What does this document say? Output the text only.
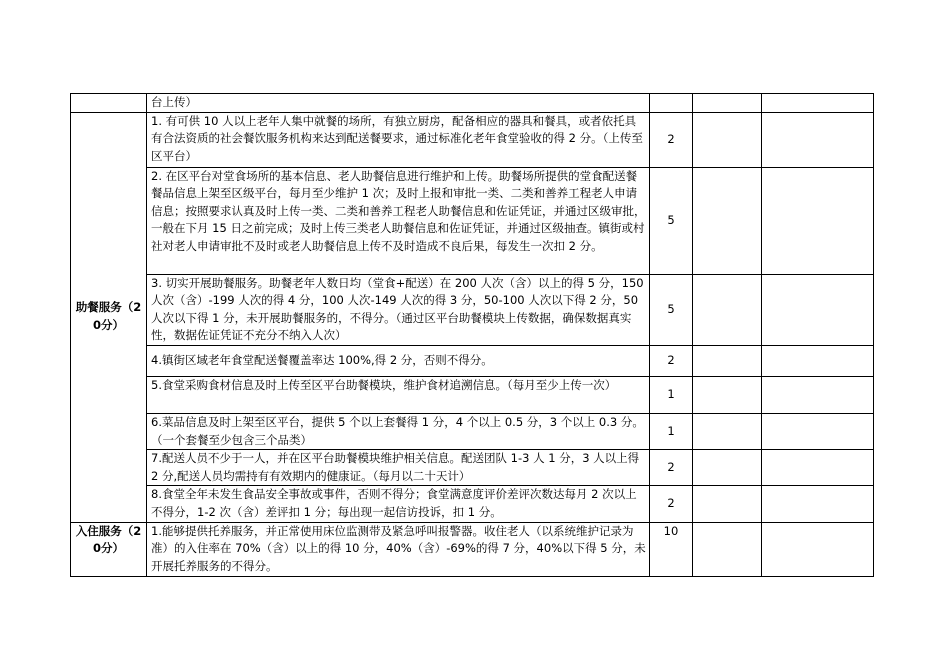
	台上传）			
助餐服务（20分）	1. 有可供 10 人以上老年人集中就餐的场所，有独立厨房，配备相应的器具和餐具，或者依托具有合法资质的社会餐饮服务机构来达到配送餐要求，通过标准化老年食堂验收的得 2 分。（上传至区平台）	2		
	2. 在区平台对堂食场所的基本信息、老人助餐信息进行维护和上传。助餐场所提供的堂食配送餐餐品信息上架至区级平台，每月至少维护 1 次；及时上报和审批一类、二类和善养工程老人申请信息；按照要求认真及时上传一类、二类和善养工程老人助餐信息和佐证凭证，并通过区级审批，一般在下月 15 日之前完成；及时上传三类老人助餐信息和佐证凭证，并通过区级抽查。镇街或村社对老人申请审批不及时或老人助餐信息上传不及时造成不良后果，每发生一次扣 2 分。	5		
	3. 切实开展助餐服务。助餐老年人数日均（堂食+配送）在 200 人次（含）以上的得 5 分，150 人次（含）-199 人次的得 4 分，100 人次-149 人次的得 3 分，50-100 人次以下得 2 分，50 人次以下得 1 分，未开展助餐服务的，不得分。（通过区平台助餐模块上传数据，确保数据真实性，数据佐证凭证不充分不纳入人次）	5		
	4.镇街区域老年食堂配送餐覆盖率达 100%,得 2 分，否则不得分。	2		
	5.食堂采购食材信息及时上传至区平台助餐模块，维护食材追溯信息。（每月至少上传一次）	1		
	6.菜品信息及时上架至区平台，提供 5 个以上套餐得 1 分，4 个以上 0.5 分，3 个以上 0.3 分。（一个套餐至少包含三个品类）	1		
	7.配送人员不少于一人，并在区平台助餐模块维护相关信息。配送团队 1-3 人 1 分，3 人以上得 2 分,配送人员均需持有有效期内的健康证。（每月以二十天计）	2		
	8.食堂全年未发生食品安全事故或事件，否则不得分；食堂满意度评价差评次数达每月 2 次以上不得分，1-2 次（含）差评扣 1 分；每出现一起信访投诉，扣 1 分。	2		
入住服务（20分）	1.能够提供托养服务，并正常使用床位监测带及紧急呼叫报警器。收住老人（以系统维护记录为准）的入住率在 70%（含）以上的得 10 分，40%（含）-69%的得 7 分，40%以下得 5 分，未开展托养服务的不得分。	10		
